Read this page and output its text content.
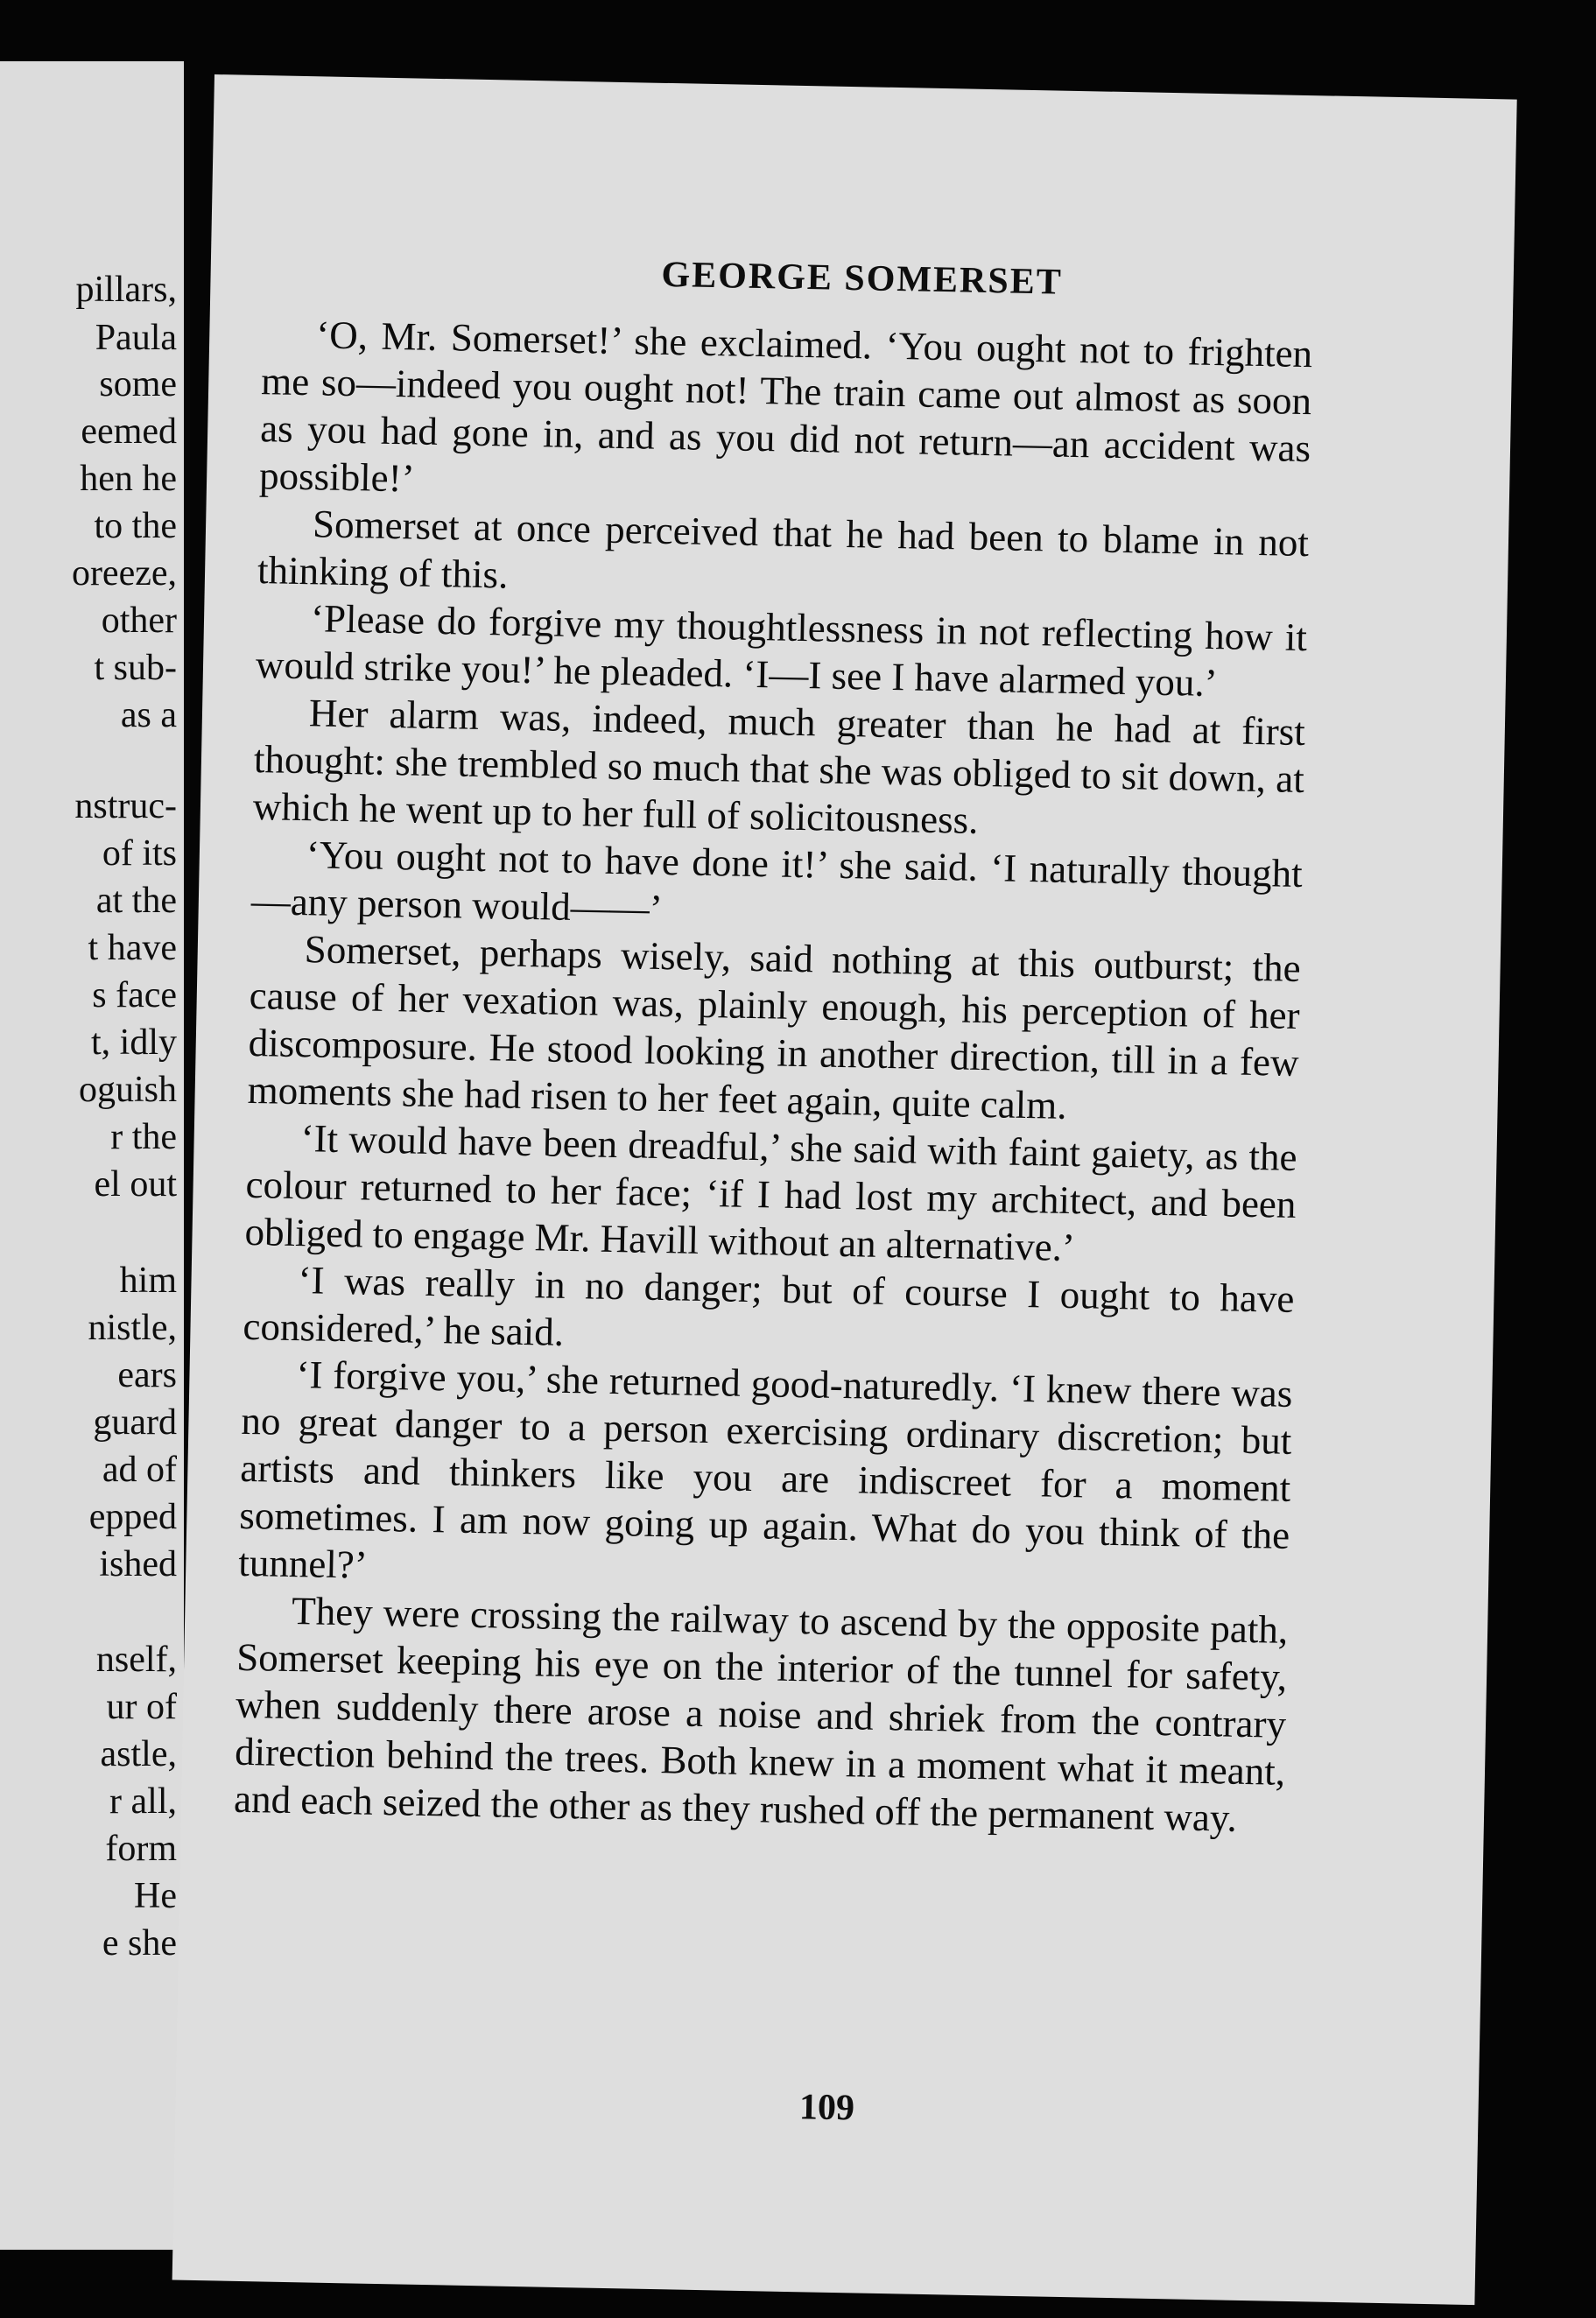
pillars,
Paula
some
eemed
hen he
to the
oreeze,
other
t sub-
as a
nstruc-
of its
at the
t have
s face
t, idly
oguish
r the
el out
him
nistle,
ears
guard
ad of
epped
ished
nself,
ur of
astle,
r all,
form
He
e she
GEORGE SOMERSET

‘O, Mr. Somerset!’ she exclaimed. ‘You ought not to frighten me so—indeed you ought not! The train came out almost as soon as you had gone in, and as you did not return—an accident was possible!’

Somerset at once perceived that he had been to blame in not thinking of this.

‘Please do forgive my thoughtlessness in not reflecting how it would strike you!’ he pleaded. ‘I—I see I have alarmed you.’

Her alarm was, indeed, much greater than he had at first thought: she trembled so much that she was obliged to sit down, at which he went up to her full of solicitousness.

‘You ought not to have done it!’ she said. ‘I naturally thought—any person would——’

Somerset, perhaps wisely, said nothing at this outburst; the cause of her vexation was, plainly enough, his perception of her discomposure. He stood looking in another direction, till in a few moments she had risen to her feet again, quite calm.

‘It would have been dreadful,’ she said with faint gaiety, as the colour returned to her face; ‘if I had lost my architect, and been obliged to engage Mr. Havill without an alternative.’

‘I was really in no danger; but of course I ought to have considered,’ he said.

‘I forgive you,’ she returned good-naturedly. ‘I knew there was no great danger to a person exercising ordinary discretion; but artists and thinkers like you are indiscreet for a moment sometimes. I am now going up again. What do you think of the tunnel?’

They were crossing the railway to ascend by the opposite path, Somerset keeping his eye on the interior of the tunnel for safety, when suddenly there arose a noise and shriek from the contrary direction behind the trees. Both knew in a moment what it meant, and each seized the other as they rushed off the permanent way.

109
